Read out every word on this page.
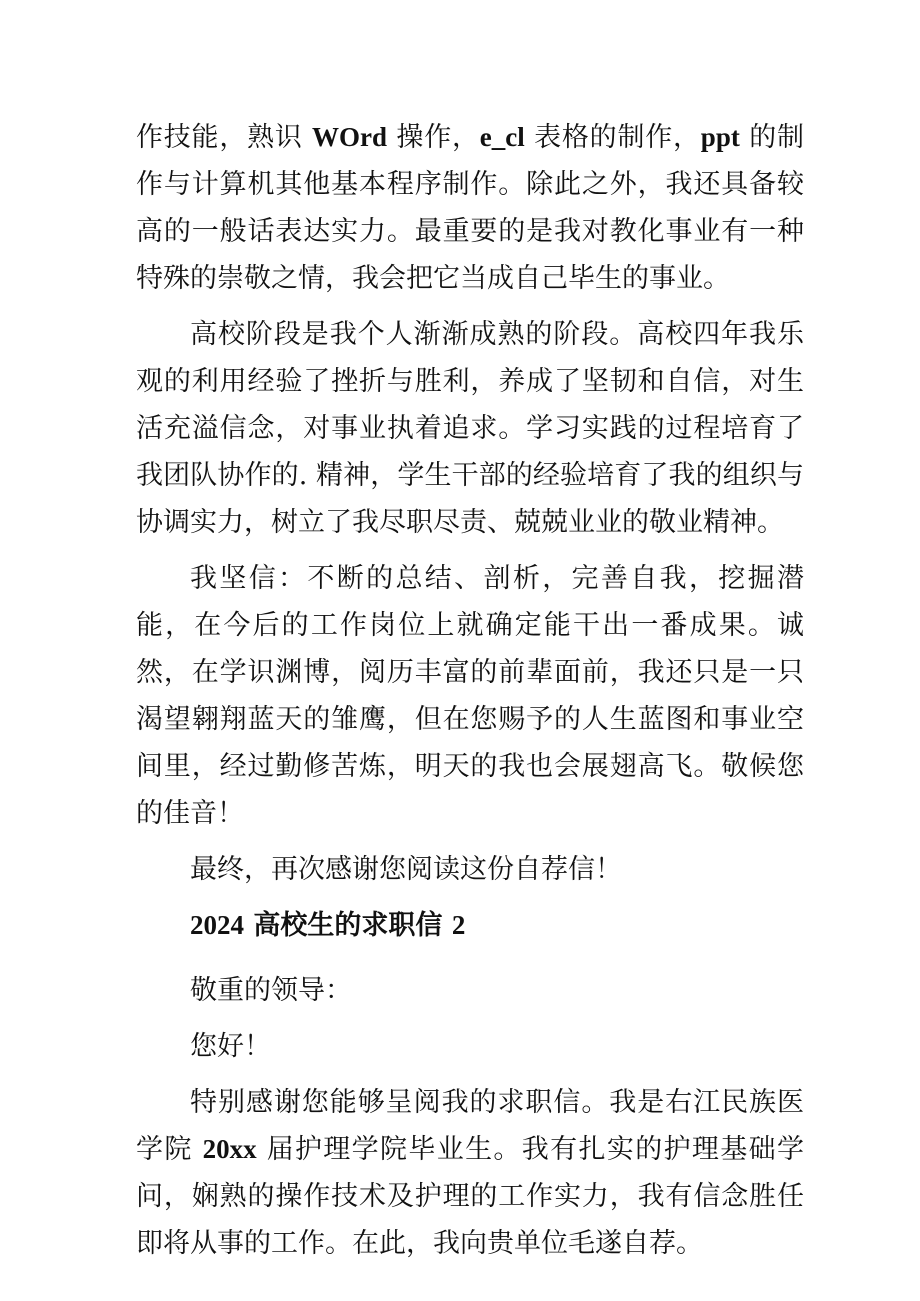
作技能，熟识 WOrd 操作，e_cl 表格的制作，ppt 的制作与计算机其他基本程序制作。除此之外，我还具备较高的一般话表达实力。最重要的是我对教化事业有一种特殊的崇敬之情，我会把它当成自己毕生的事业。

高校阶段是我个人渐渐成熟的阶段。高校四年我乐观的利用经验了挫折与胜利，养成了坚韧和自信，对生活充溢信念，对事业执着追求。学习实践的过程培育了我团队协作的. 精神，学生干部的经验培育了我的组织与协调实力，树立了我尽职尽责、兢兢业业的敬业精神。

我坚信：不断的总结、剖析，完善自我，挖掘潜能，在今后的工作岗位上就确定能干出一番成果。诚然，在学识渊博，阅历丰富的前辈面前，我还只是一只渴望翱翔蓝天的雏鹰，但在您赐予的人生蓝图和事业空间里，经过勤修苦炼，明天的我也会展翅高飞。敬候您的佳音！

最终，再次感谢您阅读这份自荐信！

2024 高校生的求职信 2

敬重的领导：

您好！

特别感谢您能够呈阅我的求职信。我是右江民族医学院 20xx 届护理学院毕业生。我有扎实的护理基础学问，娴熟的操作技术及护理的工作实力，我有信念胜任即将从事的工作。在此，我向贵单位毛遂自荐。
